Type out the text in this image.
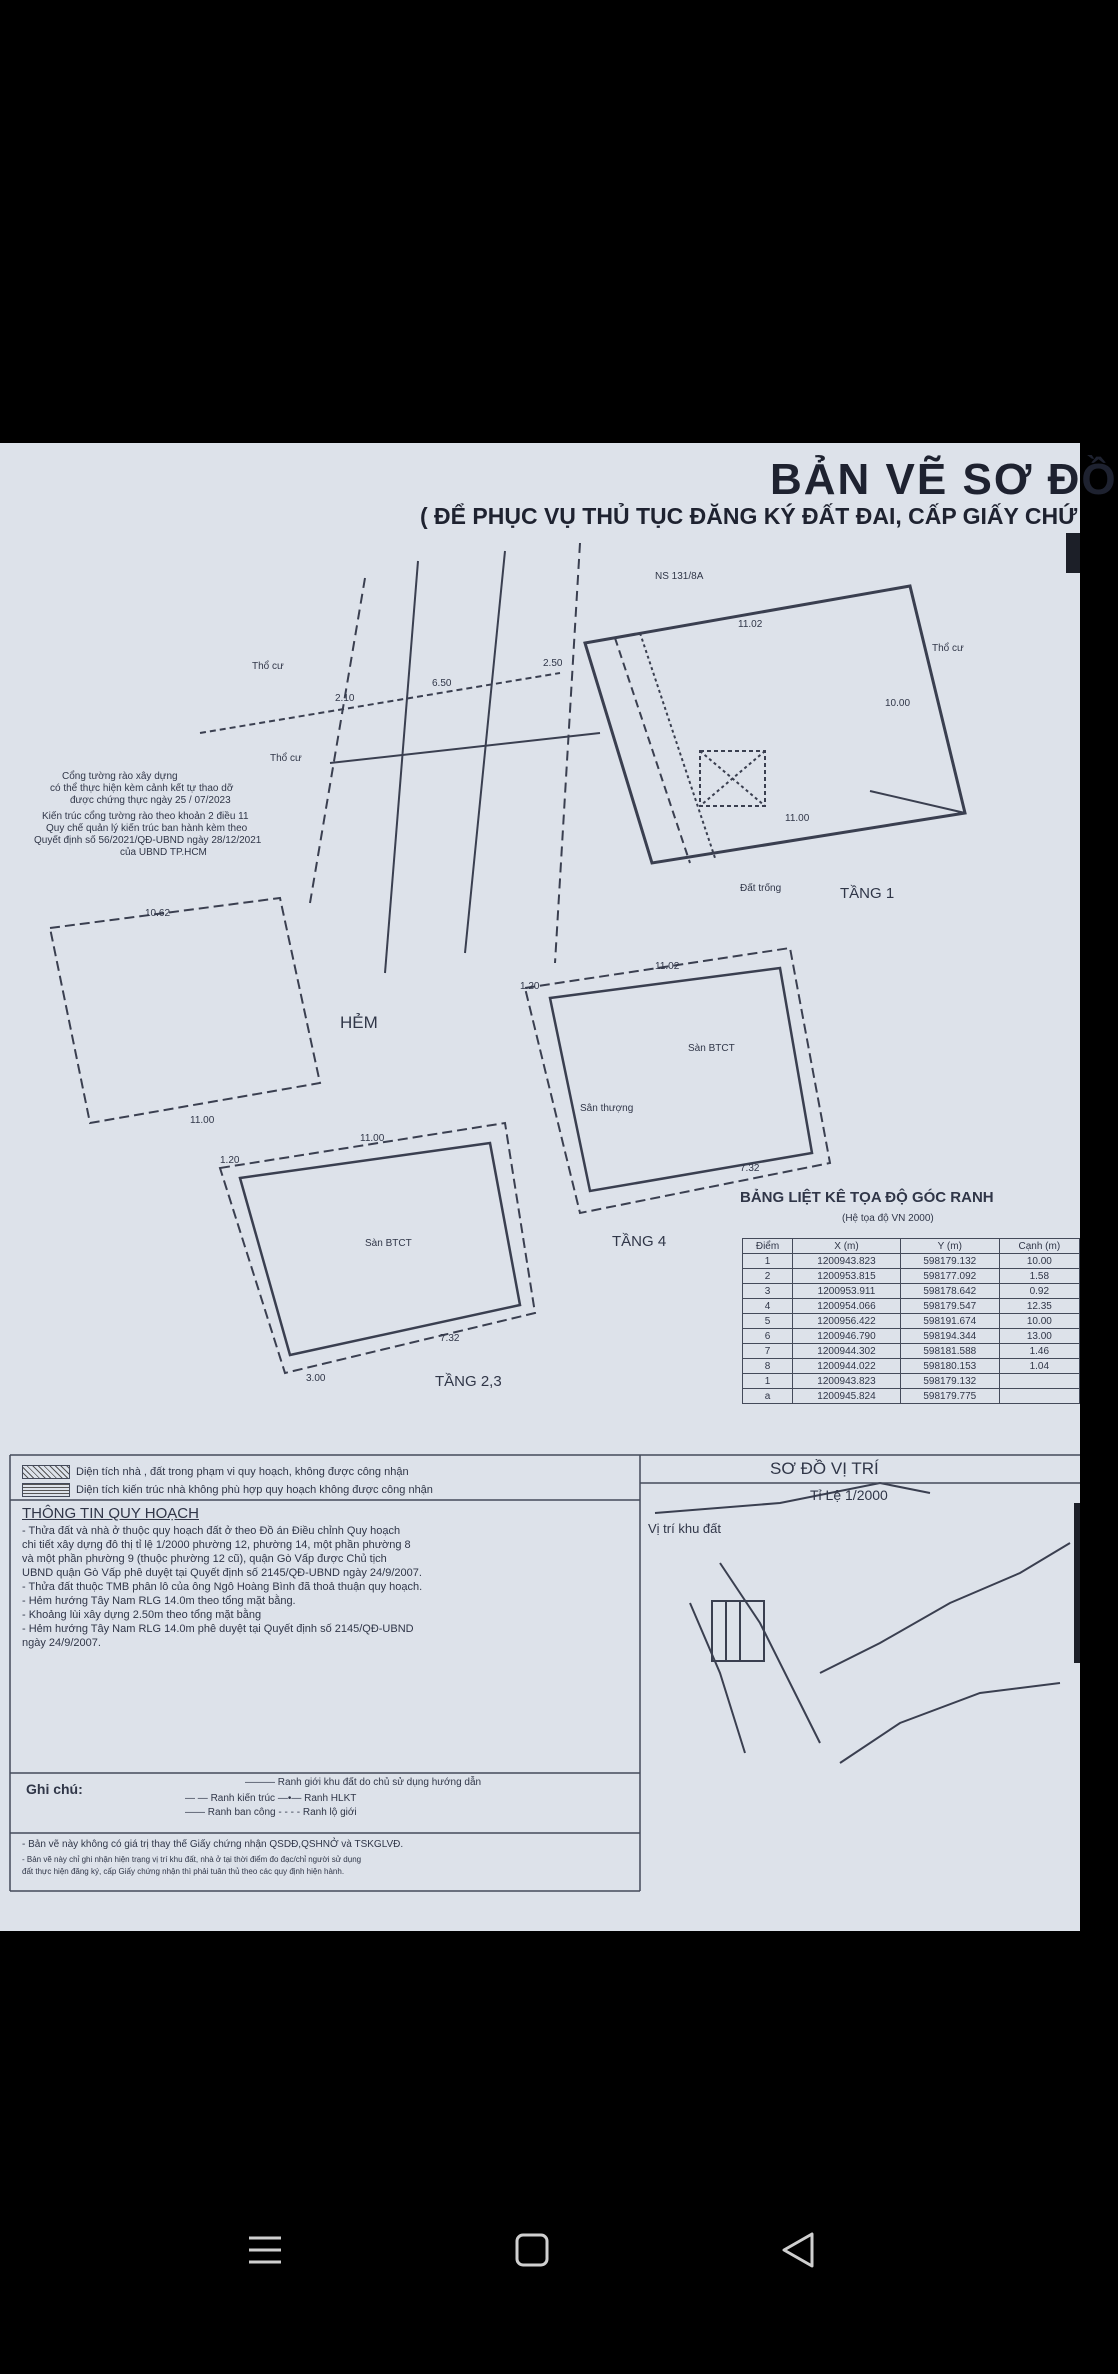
BẢN VẼ SƠ ĐỒ
( ĐỂ PHỤC VỤ THỦ TỤC ĐĂNG KÝ ĐẤT ĐAI, CẤP GIẤY CHỨ
NS 131/8A
11.02
Thổ cư
Thổ cư
Thổ cư
6.50
2.10
2.50
11.00
10.00
Đất trống	TẦNG 1
Cổng tường rào xây dựng
có thể thực hiện kèm cảnh kết tự thao dỡ
được chứng thực ngày 25 / 07/2023
Kiến trúc cổng tường rào theo khoản 2 điều 11
Quy chế quản lý kiến trúc ban hành kèm theo
Quyết định số 56/2021/QĐ-UBND ngày 28/12/2021
của UBND TP.HCM
10.62
HẺM
11.00
11.02
1.20
Sàn BTCT
Sân thượng
7.32
TẦNG 4
11.00
1.20
Sàn BTCT
7.32
3.00	TẦNG 2,3
BẢNG LIỆT KÊ TỌA ĐỘ GÓC RANH
(Hệ tọa độ VN 2000)
Điểm	X (m)	Y (m)	Cạnh (m)
1	1200943.823	598179.132	10.00
2	1200953.815	598177.092	1.58
3	1200953.911	598178.642	0.92
4	1200954.066	598179.547	12.35
5	1200956.422	598191.674	10.00
6	1200946.790	598194.344	13.00
7	1200944.302	598181.588	1.46
8	1200944.022	598180.153	1.04
1	1200943.823	598179.132	
a	1200945.824	598179.775	
Diện tích nhà , đất trong phạm vi quy hoạch, không được công nhận
Diện tích kiến trúc nhà không phù hợp quy hoạch không được công nhận
SƠ ĐỒ VỊ TRÍ
Tỉ Lệ 1/2000
Vị trí khu đất
THÔNG TIN QUY HOẠCH
- Thửa đất và nhà ở thuộc quy hoạch đất ở theo Đồ án Điều chỉnh Quy hoạch
chi tiết xây dựng đô thị tỉ lệ 1/2000 phường 12, phường 14, một phần phường 8
và một phần phường 9 (thuộc phường 12 cũ), quận Gò Vấp được Chủ tịch
UBND quận Gò Vấp phê duyệt tại Quyết định số 2145/QĐ-UBND ngày 24/9/2007.
- Thửa đất thuộc TMB phân lô của ông Ngô Hoàng Bình đã thoả thuận quy hoạch.
- Hẻm hướng Tây Nam RLG 14.0m theo tổng mặt bằng.
- Khoảng lùi xây dựng 2.50m theo tổng mặt bằng
- Hẻm hướng Tây Nam RLG 14.0m phê duyệt tại Quyết định số 2145/QĐ-UBND
ngày 24/9/2007.
Ghi chú:	——— Ranh giới khu đất do chủ sử dụng hướng dẫn
— — Ranh kiến trúc —•— Ranh HLKT
—— Ranh ban công - - - - Ranh lộ giới
- Bản vẽ này không có giá trị thay thế Giấy chứng nhận QSDĐ,QSHNỞ và TSKGLVĐ.
- Bản vẽ này chỉ ghi nhận hiện trạng vị trí khu đất, nhà ở tại thời điểm đo đạc/chỉ người sử dụng
đất thực hiện đăng ký, cấp Giấy chứng nhận thì phải tuân thủ theo các quy định hiện hành.
